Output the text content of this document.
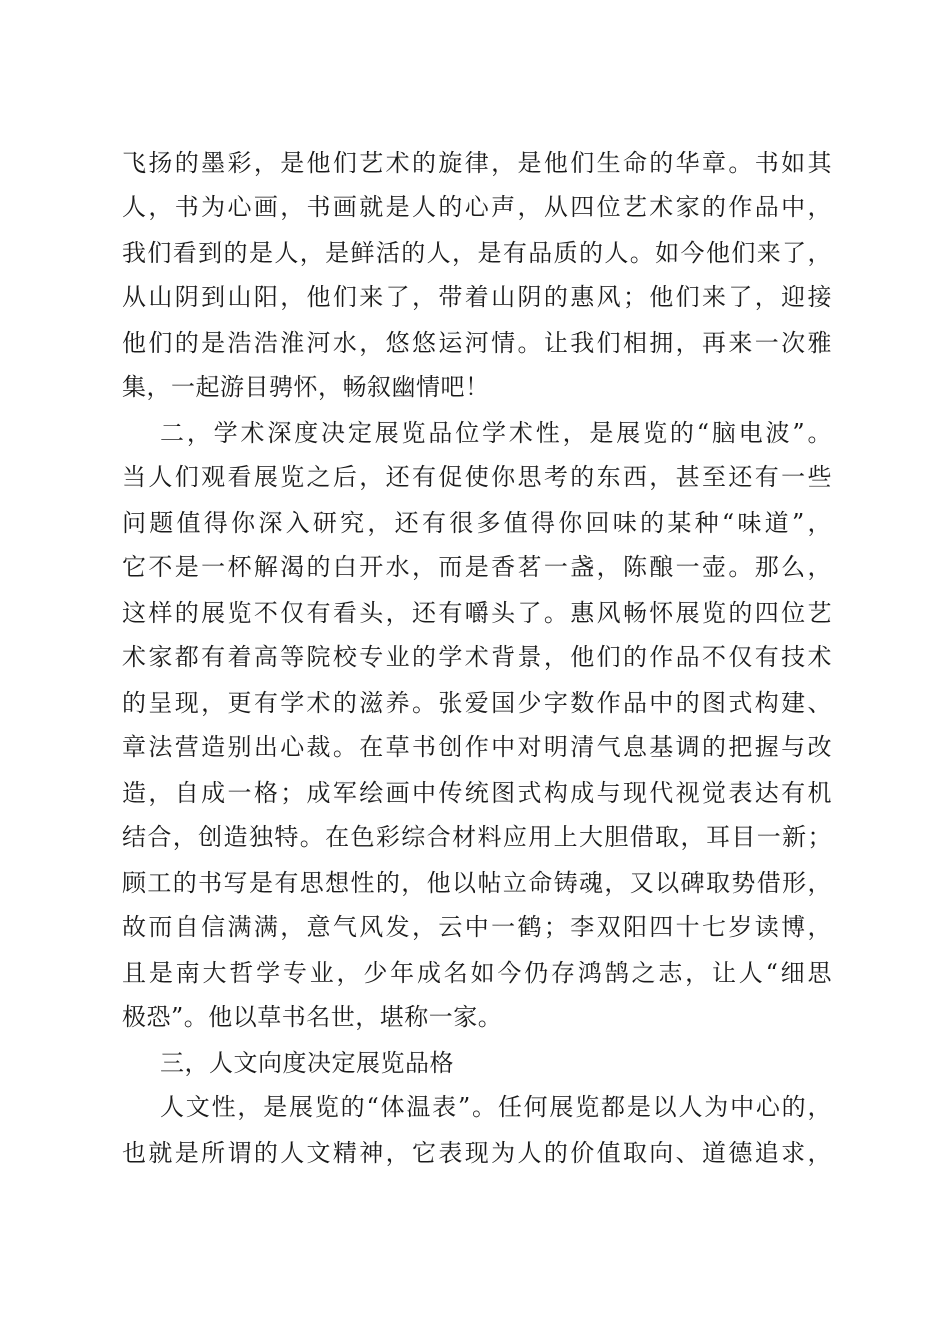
飞扬的墨彩，是他们艺术的旋律，是他们生命的华章。书如其
人，书为心画，书画就是人的心声，从四位艺术家的作品中，
我们看到的是人，是鲜活的人，是有品质的人。如今他们来了，
从山阴到山阳，他们来了，带着山阴的惠风；他们来了，迎接
他们的是浩浩淮河水，悠悠运河情。让我们相拥，再来一次雅
集，一起游目骋怀，畅叙幽情吧！
二，学术深度决定展览品位学术性，是展览的“脑电波”。
当人们观看展览之后，还有促使你思考的东西，甚至还有一些
问题值得你深入研究，还有很多值得你回味的某种“味道”，
它不是一杯解渴的白开水，而是香茗一盏，陈酿一壶。那么，
这样的展览不仅有看头，还有嚼头了。惠风畅怀展览的四位艺
术家都有着高等院校专业的学术背景，他们的作品不仅有技术
的呈现，更有学术的滋养。张爱国少字数作品中的图式构建、
章法营造别出心裁。在草书创作中对明清气息基调的把握与改
造，自成一格；成军绘画中传统图式构成与现代视觉表达有机
结合，创造独特。在色彩综合材料应用上大胆借取，耳目一新；
顾工的书写是有思想性的，他以帖立命铸魂，又以碑取势借形，
故而自信满满，意气风发，云中一鹤；李双阳四十七岁读博，
且是南大哲学专业，少年成名如今仍存鸿鹄之志，让人“细思
极恐”。他以草书名世，堪称一家。
三，人文向度决定展览品格
人文性，是展览的“体温表”。任何展览都是以人为中心的，
也就是所谓的人文精神，它表现为人的价值取向、道德追求，
